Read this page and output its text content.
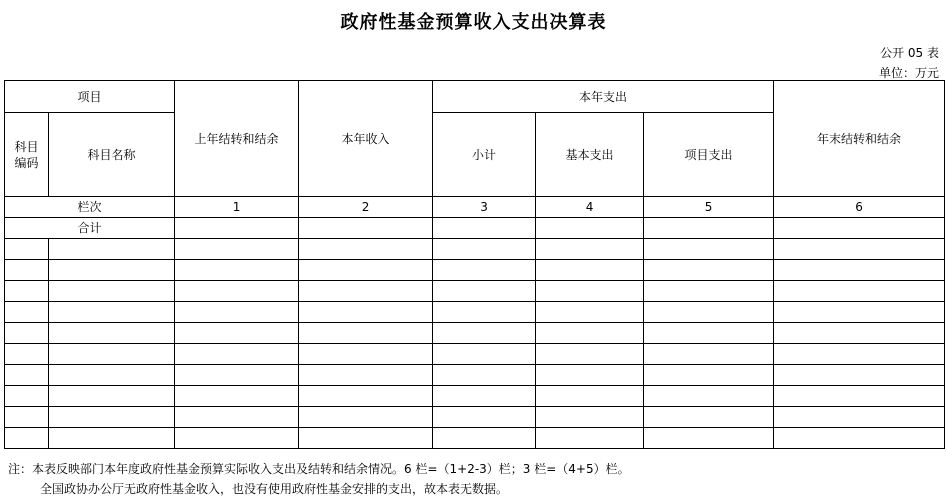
政府性基金预算收入支出决算表
公开 05 表
单位：万元
项目		上年结转和结余	本年收入	本年支出			年末结转和结余
科目编码	科目名称			小计	基本支出	项目支出	
栏次		1	2	3	4	5	6
合计							

注：本表反映部门本年度政府性基金预算实际收入支出及结转和结余情况。6 栏=（1+2-3）栏；3 栏=（4+5）栏。
全国政协办公厅无政府性基金收入，也没有使用政府性基金安排的支出，故本表无数据。
